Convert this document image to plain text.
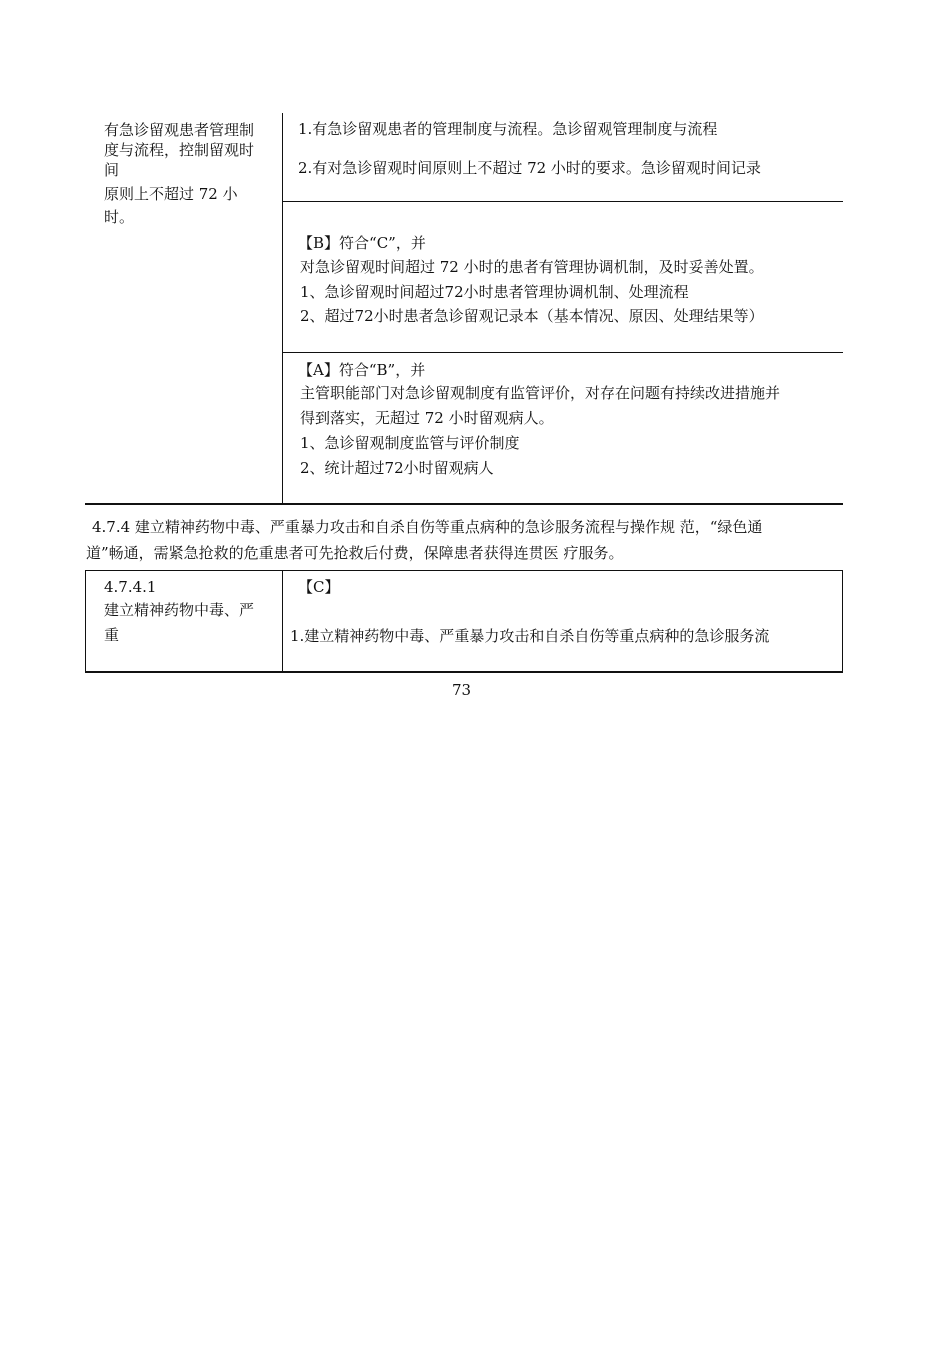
有急诊留观患者管理制
度与流程，控制留观时
间
原则上不超过 72 小
时。
1.有急诊留观患者的管理制度与流程。急诊留观管理制度与流程
2.有对急诊留观时间原则上不超过 72 小时的要求。急诊留观时间记录
【B】符合“C”，并
对急诊留观时间超过 72 小时的患者有管理协调机制，及时妥善处置。
1、急诊留观时间超过72小时患者管理协调机制、处理流程
2、超过72小时患者急诊留观记录本（基本情况、原因、处理结果等）
【A】符合“B”，并
主管职能部门对急诊留观制度有监管评价，对存在问题有持续改进措施并
得到落实，无超过 72 小时留观病人。
1、急诊留观制度监管与评价制度
2、统计超过72小时留观病人
4.7.4 建立精神药物中毒、严重暴力攻击和自杀自伤等重点病种的急诊服务流程与操作规 范，“绿色通
道”畅通，需紧急抢救的危重患者可先抢救后付费，保障患者获得连贯医 疗服务。
4.7.4.1
建立精神药物中毒、严
重
【C】
1.建立精神药物中毒、严重暴力攻击和自杀自伤等重点病种的急诊服务流
73
